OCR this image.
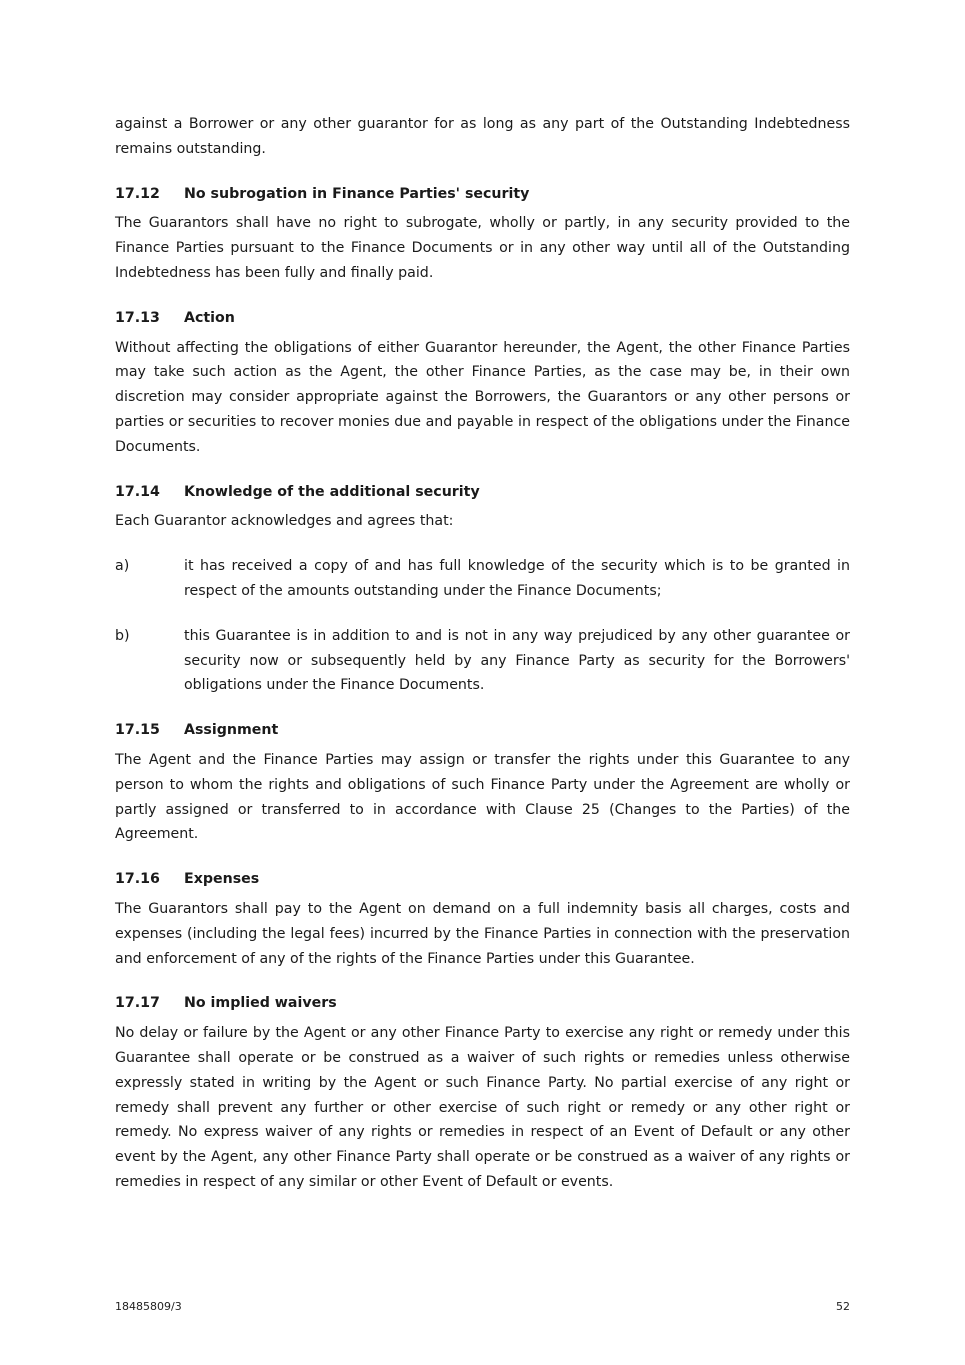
against a Borrower or any other guarantor for as long as any part of the Outstanding Indebtedness remains outstanding.

17.12	No subrogation in Finance Parties' security

The Guarantors shall have no right to subrogate, wholly or partly, in any security provided to the Finance Parties pursuant to the Finance Documents or in any other way until all of the Outstanding Indebtedness has been fully and finally paid.

17.13	Action

Without affecting the obligations of either Guarantor hereunder, the Agent, the other Finance Parties may take such action as the Agent, the other Finance Parties, as the case may be, in their own discretion may consider appropriate against the Borrowers, the Guarantors or any other persons or parties or securities to recover monies due and payable in respect of the obligations under the Finance Documents.

17.14	Knowledge of the additional security

Each Guarantor acknowledges and agrees that:

a)	it has received a copy of and has full knowledge of the security which is to be granted in respect of the amounts outstanding under the Finance Documents;
b)	this Guarantee is in addition to and is not in any way prejudiced by any other guarantee or security now or subsequently held by any Finance Party as security for the Borrowers' obligations under the Finance Documents.
17.15	Assignment

The Agent and the Finance Parties may assign or transfer the rights under this Guarantee to any person to whom the rights and obligations of such Finance Party under the Agreement are wholly or partly assigned or transferred to in accordance with Clause 25 (Changes to the Parties) of the Agreement.

17.16	Expenses

The Guarantors shall pay to the Agent on demand on a full indemnity basis all charges, costs and expenses (including the legal fees) incurred by the Finance Parties in connection with the preservation and enforcement of any of the rights of the Finance Parties under this Guarantee.

17.17	No implied waivers

No delay or failure by the Agent or any other Finance Party to exercise any right or remedy under this Guarantee shall operate or be construed as a waiver of such rights or remedies unless otherwise expressly stated in writing by the Agent or such Finance Party. No partial exercise of any right or remedy shall prevent any further or other exercise of such right or remedy or any other right or remedy. No express waiver of any rights or remedies in respect of an Event of Default or any other event by the Agent, any other Finance Party shall operate or be construed as a waiver of any rights or remedies in respect of any similar or other Event of Default or events.

18485809/3	52
